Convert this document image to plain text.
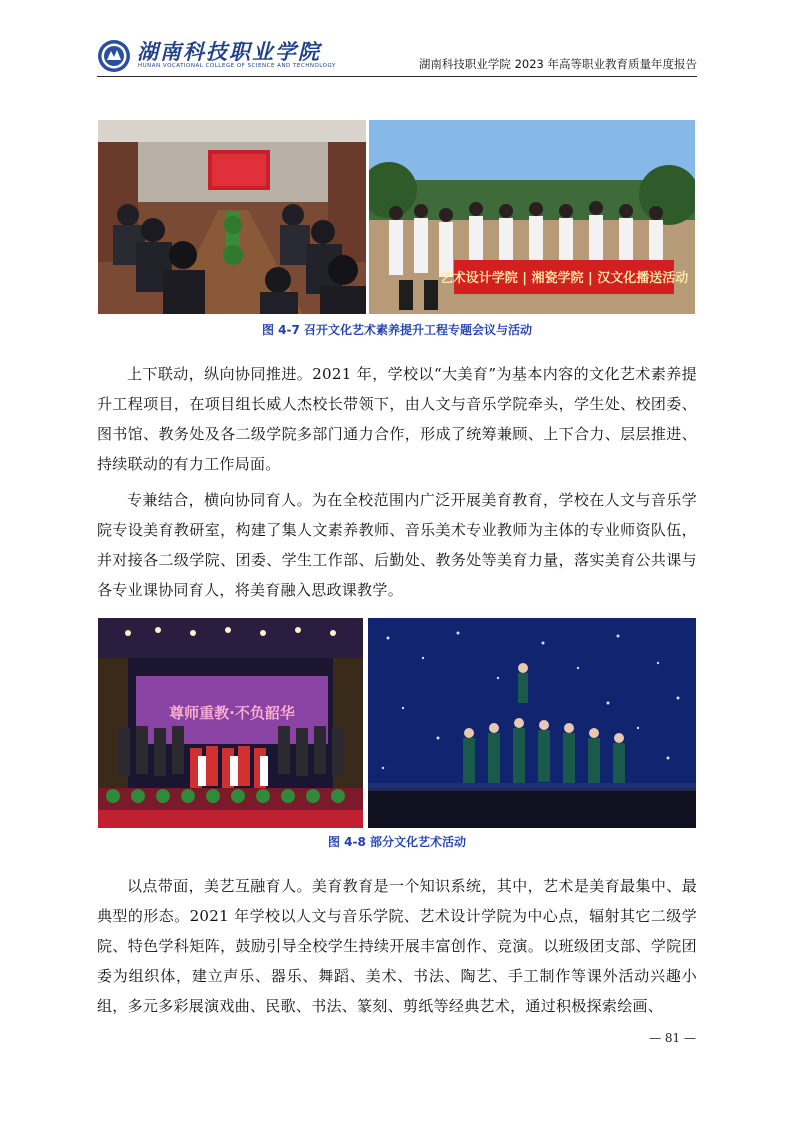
湖南科技职业学院
HUNAN VOCATIONAL COLLEGE OF SCIENCE AND TECHNOLOGY	湖南科技职业学院 2023 年高等职业教育质量年度报告
艺术设计学院 | 湘瓷学院 | 汉文化播送活动
图 4-7 召开文化艺术素养提升工程专题会议与活动
上下联动，纵向协同推进。2021 年，学校以“大美育”为基本内容的文化艺术素养提升工程项目，在项目组长威人杰校长带领下，由人文与音乐学院牵头，学生处、校团委、图书馆、教务处及各二级学院多部门通力合作，形成了统筹兼顾、上下合力、层层推进、持续联动的有力工作局面。
专兼结合，横向协同育人。为在全校范围内广泛开展美育教育，学校在人文与音乐学院专设美育教研室，构建了集人文素养教师、音乐美术专业教师为主体的专业师资队伍，并对接各二级学院、团委、学生工作部、后勤处、教务处等美育力量，落实美育公共课与各专业课协同育人，将美育融入思政课教学。
尊师重教·不负韶华
图 4-8 部分文化艺术活动
以点带面，美艺互融育人。美育教育是一个知识系统，其中，艺术是美育最集中、最典型的形态。2021 年学校以人文与音乐学院、艺术设计学院为中心点，辐射其它二级学院、特色学科矩阵，鼓励引导全校学生持续开展丰富创作、竞演。以班级团支部、学院团委为组织体，建立声乐、器乐、舞蹈、美术、书法、陶艺、手工制作等课外活动兴趣小组，多元多彩展演戏曲、民歌、书法、篆刻、剪纸等经典艺术，通过积极探索绘画、
— 81 —
